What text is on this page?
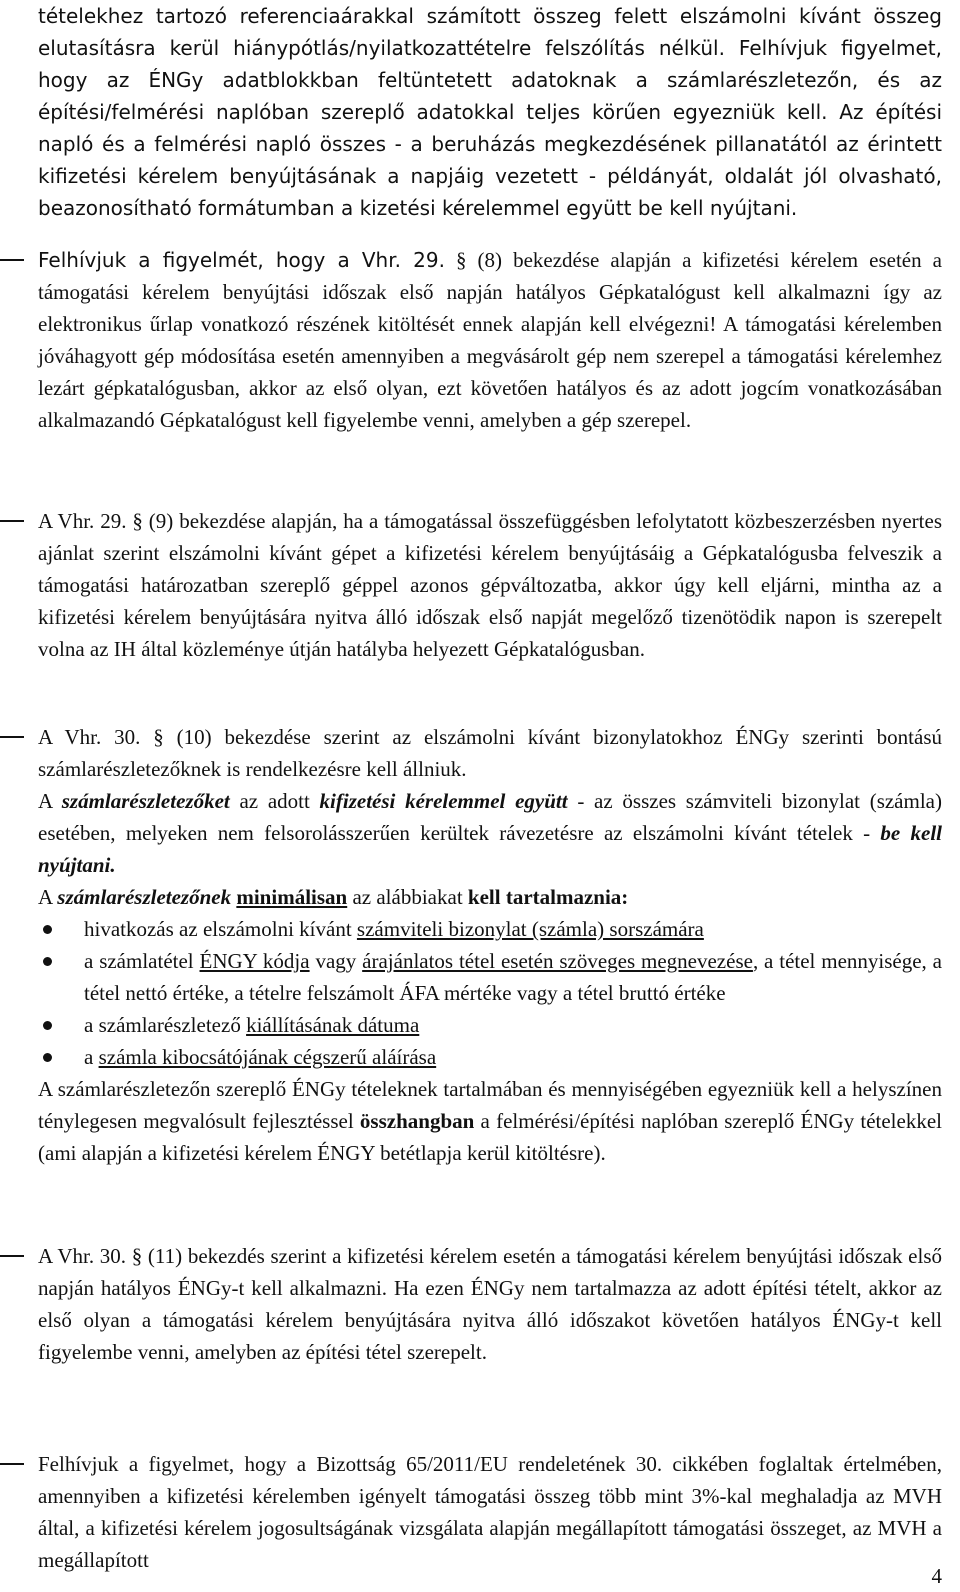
tételekhez tartozó referenciaárakkal számított összeg felett elszámolni kívánt összeg elutasításra kerül hiánypótlás/nyilatkozattételre felszólítás nélkül. Felhívjuk figyelmet, hogy az ÉNGy adatblokkban feltüntetett adatoknak a számlarészletezőn, és az építési/felmérési naplóban szereplő adatokkal teljes körűen egyezniük kell. Az építési napló és a felmérési napló összes - a beruházás megkezdésének pillanatától az érintett kifizetési kérelem benyújtásának a napjáig vezetett - példányát, oldalát jól olvasható, beazonosítható formátumban a kizetési kérelemmel együtt be kell nyújtani.

Felhívjuk a figyelmét, hogy a Vhr. 29. § (8) bekezdése alapján a kifizetési kérelem esetén a támogatási kérelem benyújtási időszak első napján hatályos Gépkatalógust kell alkalmazni így az elektronikus űrlap vonatkozó részének kitöltését ennek alapján kell elvégezni! A támogatási kérelemben jóváhagyott gép módosítása esetén amennyiben a megvásárolt gép nem szerepel a támogatási kérelemhez lezárt gépkatalógusban, akkor az első olyan, ezt követően hatályos és az adott jogcím vonatkozásában alkalmazandó Gépkatalógust kell figyelembe venni, amelyben a gép szerepel.

A Vhr. 29. § (9) bekezdése alapján, ha a támogatással összefüggésben lefolytatott közbeszerzésben nyertes ajánlat szerint elszámolni kívánt gépet a kifizetési kérelem benyújtásáig a Gépkatalógusba felveszik a támogatási határozatban szereplő géppel azonos gépváltozatba, akkor úgy kell eljárni, mintha az a kifizetési kérelem benyújtására nyitva álló időszak első napját megelőző tizenötödik napon is szerepelt volna az IH által közleménye útján hatályba helyezett Gépkatalógusban.

A Vhr. 30. § (10) bekezdése szerint az elszámolni kívánt bizonylatokhoz ÉNGy szerinti bontású számlarészletezőknek is rendelkezésre kell állniuk.

A számlarészletezőket az adott kifizetési kérelemmel együtt - az összes számviteli bizonylat (számla) esetében, melyeken nem felsorolásszerűen kerültek rávezetésre az elszámolni kívánt tételek - be kell nyújtani.

A számlarészletezőnek minimálisan az alábbiakat kell tartalmaznia:

hivatkozás az elszámolni kívánt számviteli bizonylat (számla) sorszámára
a számlatétel ÉNGY kódja vagy árajánlatos tétel esetén szöveges megnevezése, a tétel mennyisége, a tétel nettó értéke, a tételre felszámolt ÁFA mértéke vagy a tétel bruttó értéke
a számlarészletező kiállításának dátuma
a számla kibocsátójának cégszerű aláírása

A számlarészletezőn szereplő ÉNGy tételeknek tartalmában és mennyiségében egyezniük kell a helyszínen ténylegesen megvalósult fejlesztéssel összhangban a felmérési/építési naplóban szereplő ÉNGy tételekkel (ami alapján a kifizetési kérelem ÉNGY betétlapja kerül kitöltésre).

A Vhr. 30. § (11) bekezdés szerint a kifizetési kérelem esetén a támogatási kérelem benyújtási időszak első napján hatályos ÉNGy-t kell alkalmazni. Ha ezen ÉNGy nem tartalmazza az adott építési tételt, akkor az első olyan a támogatási kérelem benyújtására nyitva álló időszakot követően hatályos ÉNGy-t kell figyelembe venni, amelyben az építési tétel szerepelt.

Felhívjuk a figyelmet, hogy a Bizottság 65/2011/EU rendeletének 30. cikkében foglaltak értelmében, amennyiben a kifizetési kérelemben igényelt támogatási összeg több mint 3%-kal meghaladja az MVH által, a kifizetési kérelem jogosultságának vizsgálata alapján megállapított támogatási összeget, az MVH a megállapított

4
